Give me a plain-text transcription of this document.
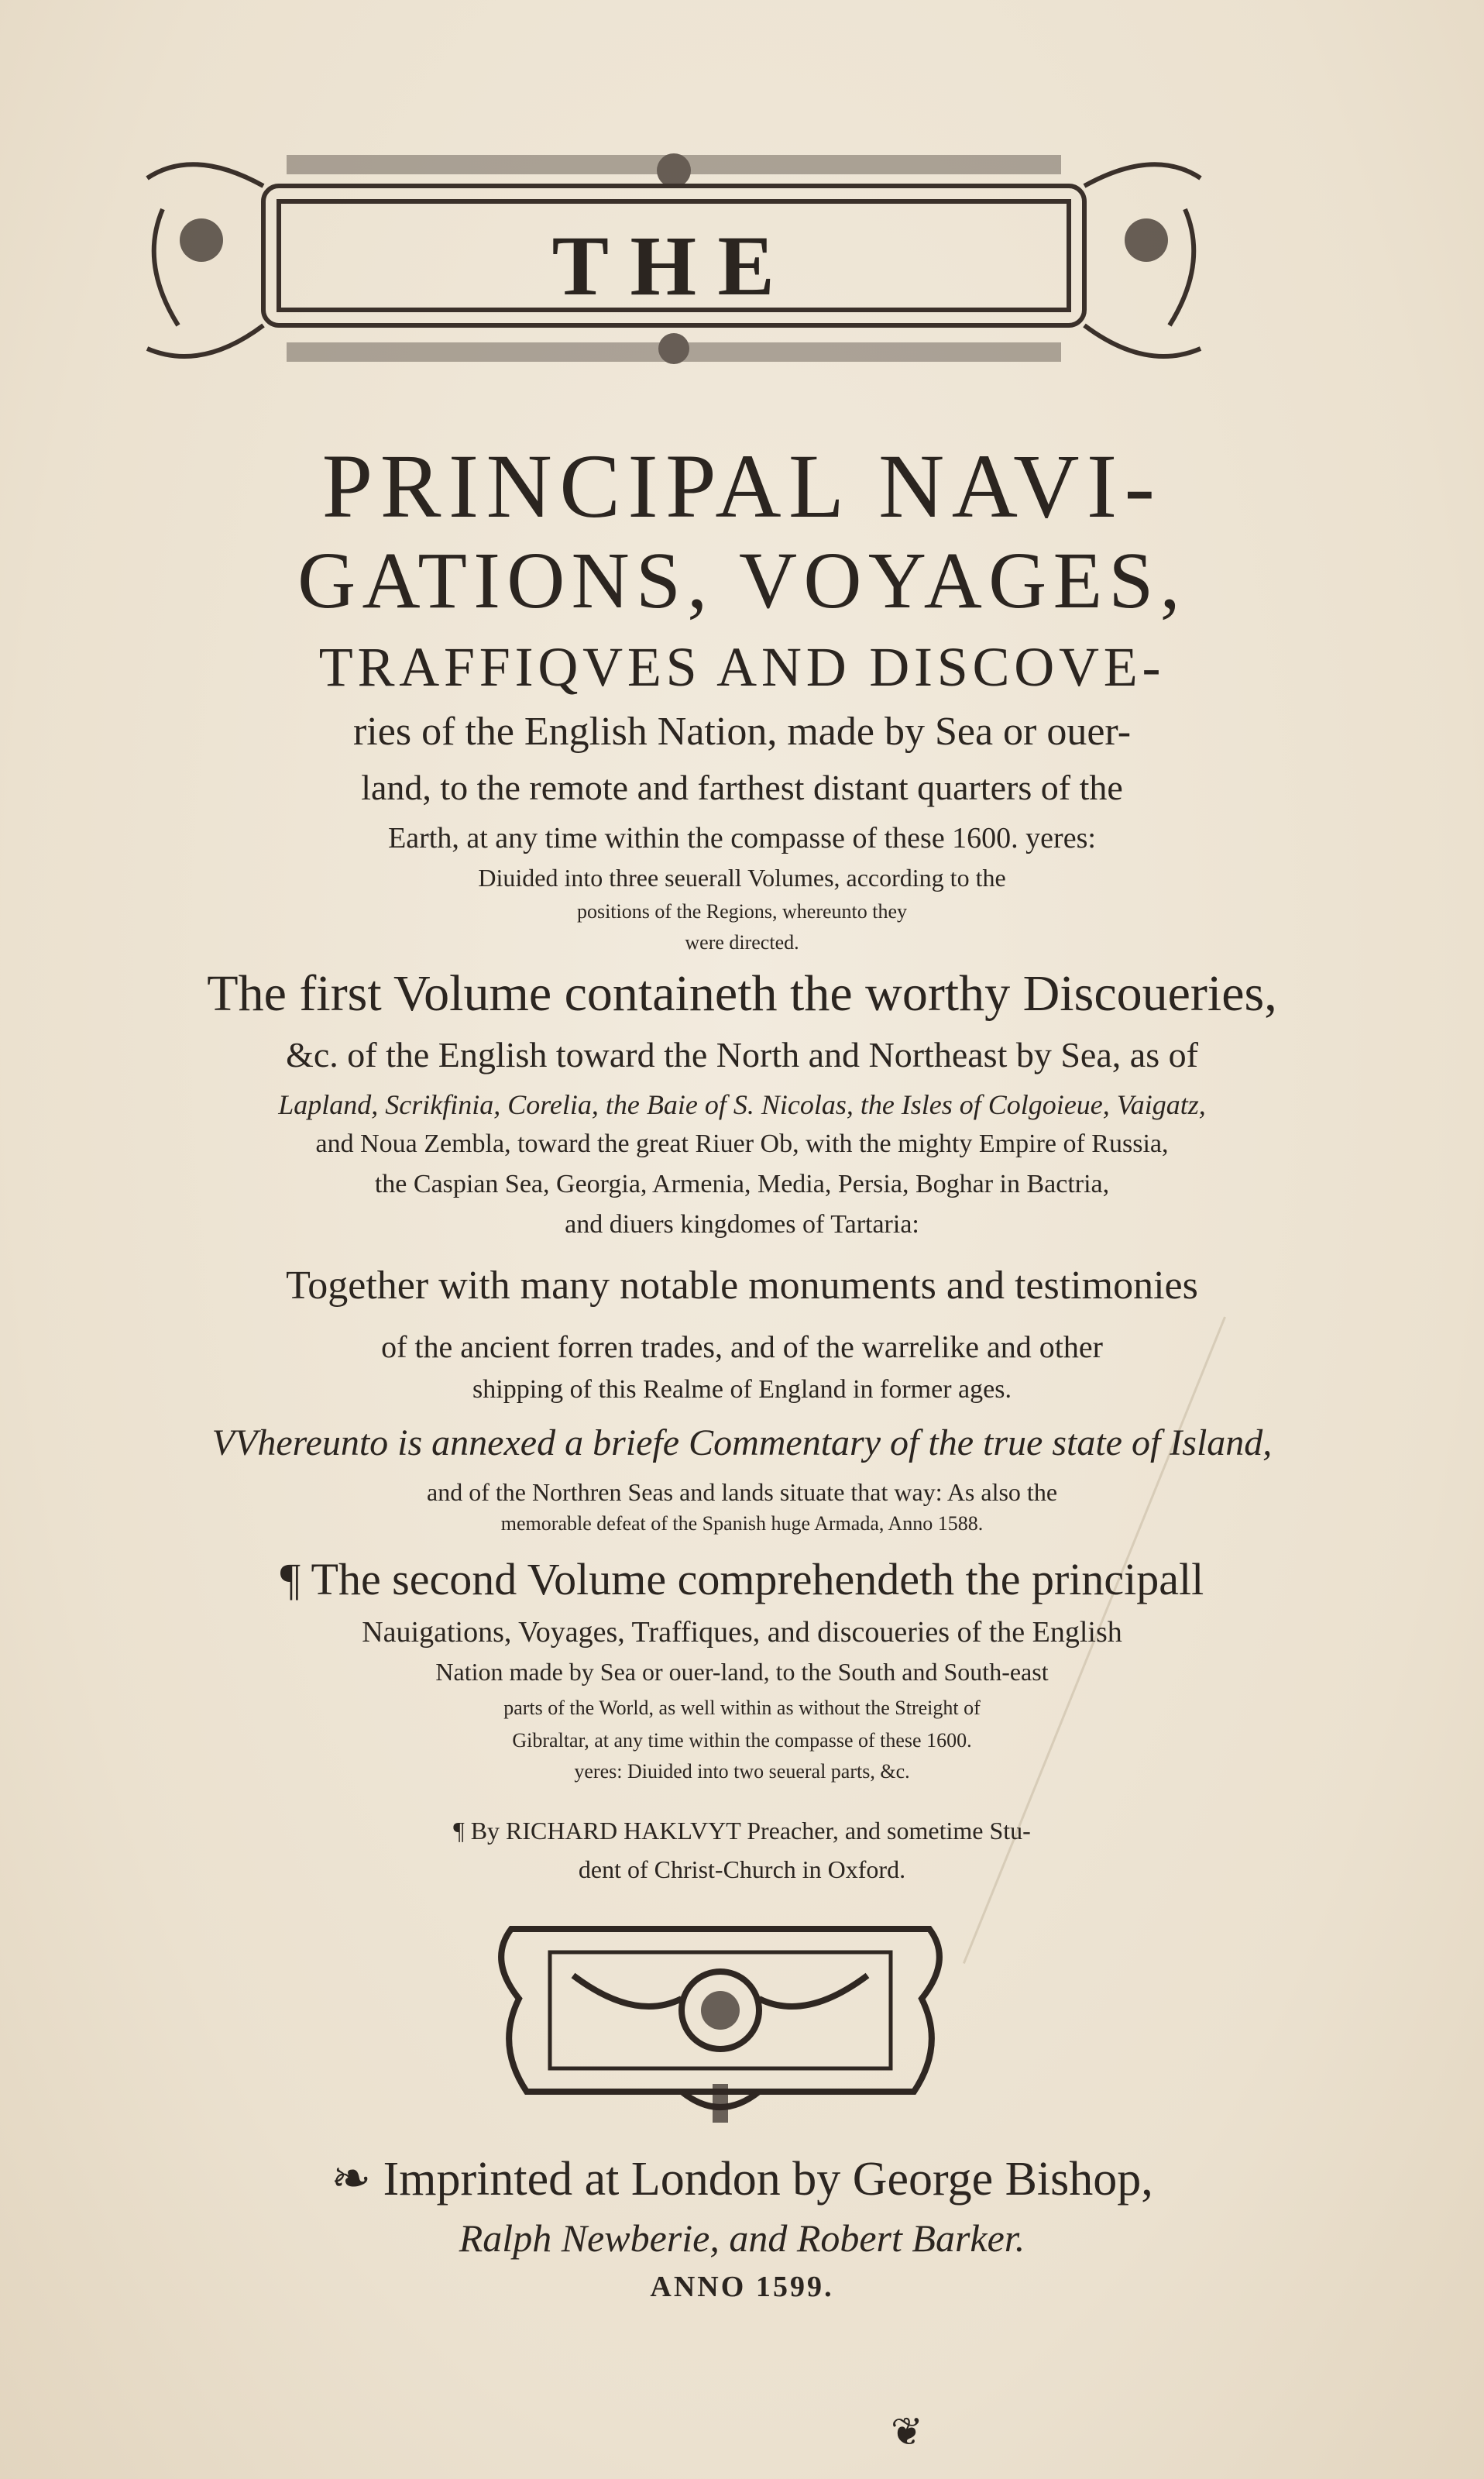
THE
PRINCIPAL NAVI-
GATIONS, VOYAGES,
TRAFFIQVES AND DISCOVE-
ries of the English Nation, made by Sea or ouer-
land, to the remote and farthest distant quarters of the
Earth, at any time within the compasse of these 1600. yeres:
Diuided into three seuerall Volumes, according to the
positions of the Regions, whereunto they
were directed.
The first Volume containeth the worthy Discoueries,
&c. of the English toward the North and Northeast by Sea, as of
Lapland, Scrikfinia, Corelia, the Baie of S. Nicolas, the Isles of Colgoieue, Vaigatz,
and Noua Zembla, toward the great Riuer Ob, with the mighty Empire of Russia,
the Caspian Sea, Georgia, Armenia, Media, Persia, Boghar in Bactria,
and diuers kingdomes of Tartaria:
Together with many notable monuments and testimonies
of the ancient forren trades, and of the warrelike and other
shipping of this Realme of England in former ages.
VVhereunto is annexed a briefe Commentary of the true state of Island,
and of the Northren Seas and lands situate that way: As also the
memorable defeat of the Spanish huge Armada, Anno 1588.
¶ The second Volume comprehendeth the principall
Nauigations, Voyages, Traffiques, and discoueries of the English
Nation made by Sea or ouer-land, to the South and South-east
parts of the World, as well within as without the Streight of
Gibraltar, at any time within the compasse of these 1600.
yeres: Diuided into two seueral parts, &c.
¶ By RICHARD HAKLVYT Preacher, and sometime Stu-
dent of Christ-Church in Oxford.
❧ Imprinted at London by George Bishop,
Ralph Newberie, and Robert Barker.
ANNO 1599.
❦
